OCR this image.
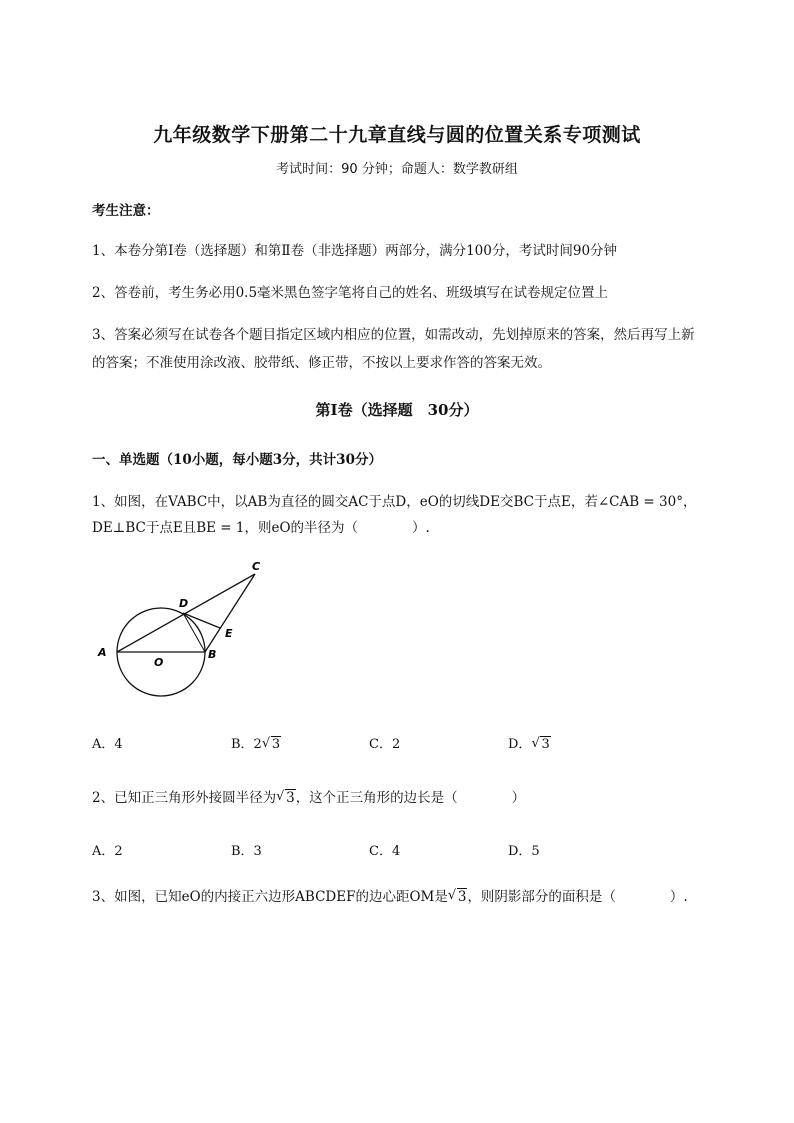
九年级数学下册第二十九章直线与圆的位置关系专项测试
考试时间：90 分钟；命题人：数学教研组
考生注意：
1、本卷分第Ⅰ卷（选择题）和第Ⅱ卷（非选择题）两部分，满分100分，考试时间90分钟
2、答卷前，考生务必用0.5毫米黑色签字笔将自己的姓名、班级填写在试卷规定位置上
3、答案必须写在试卷各个题目指定区域内相应的位置，如需改动，先划掉原来的答案，然后再写上新的答案；不准使用涂改液、胶带纸、修正带，不按以上要求作答的答案无效。
第Ⅰ卷（选择题　30分）
一、单选题（10小题，每小题3分，共计30分）
1、如图，在VABC中，以AB为直径的圆交AC于点D，eO的切线DE交BC于点E，若∠CAB = 30°，
DE⊥BC于点E且BE = 1，则eO的半径为（　　　　）.
A
O
B
D
E
C
A．4	B．2 √ 3	C．2	D． √ 3
2、已知正三角形外接圆半径为 √ 3，这个正三角形的边长是（　　　　）
A．2	B．3	C．4	D．5
3、如图，已知eO的内接正六边形ABCDEF的边心距OM是 √ 3，则阴影部分的面积是（　　　　）.
